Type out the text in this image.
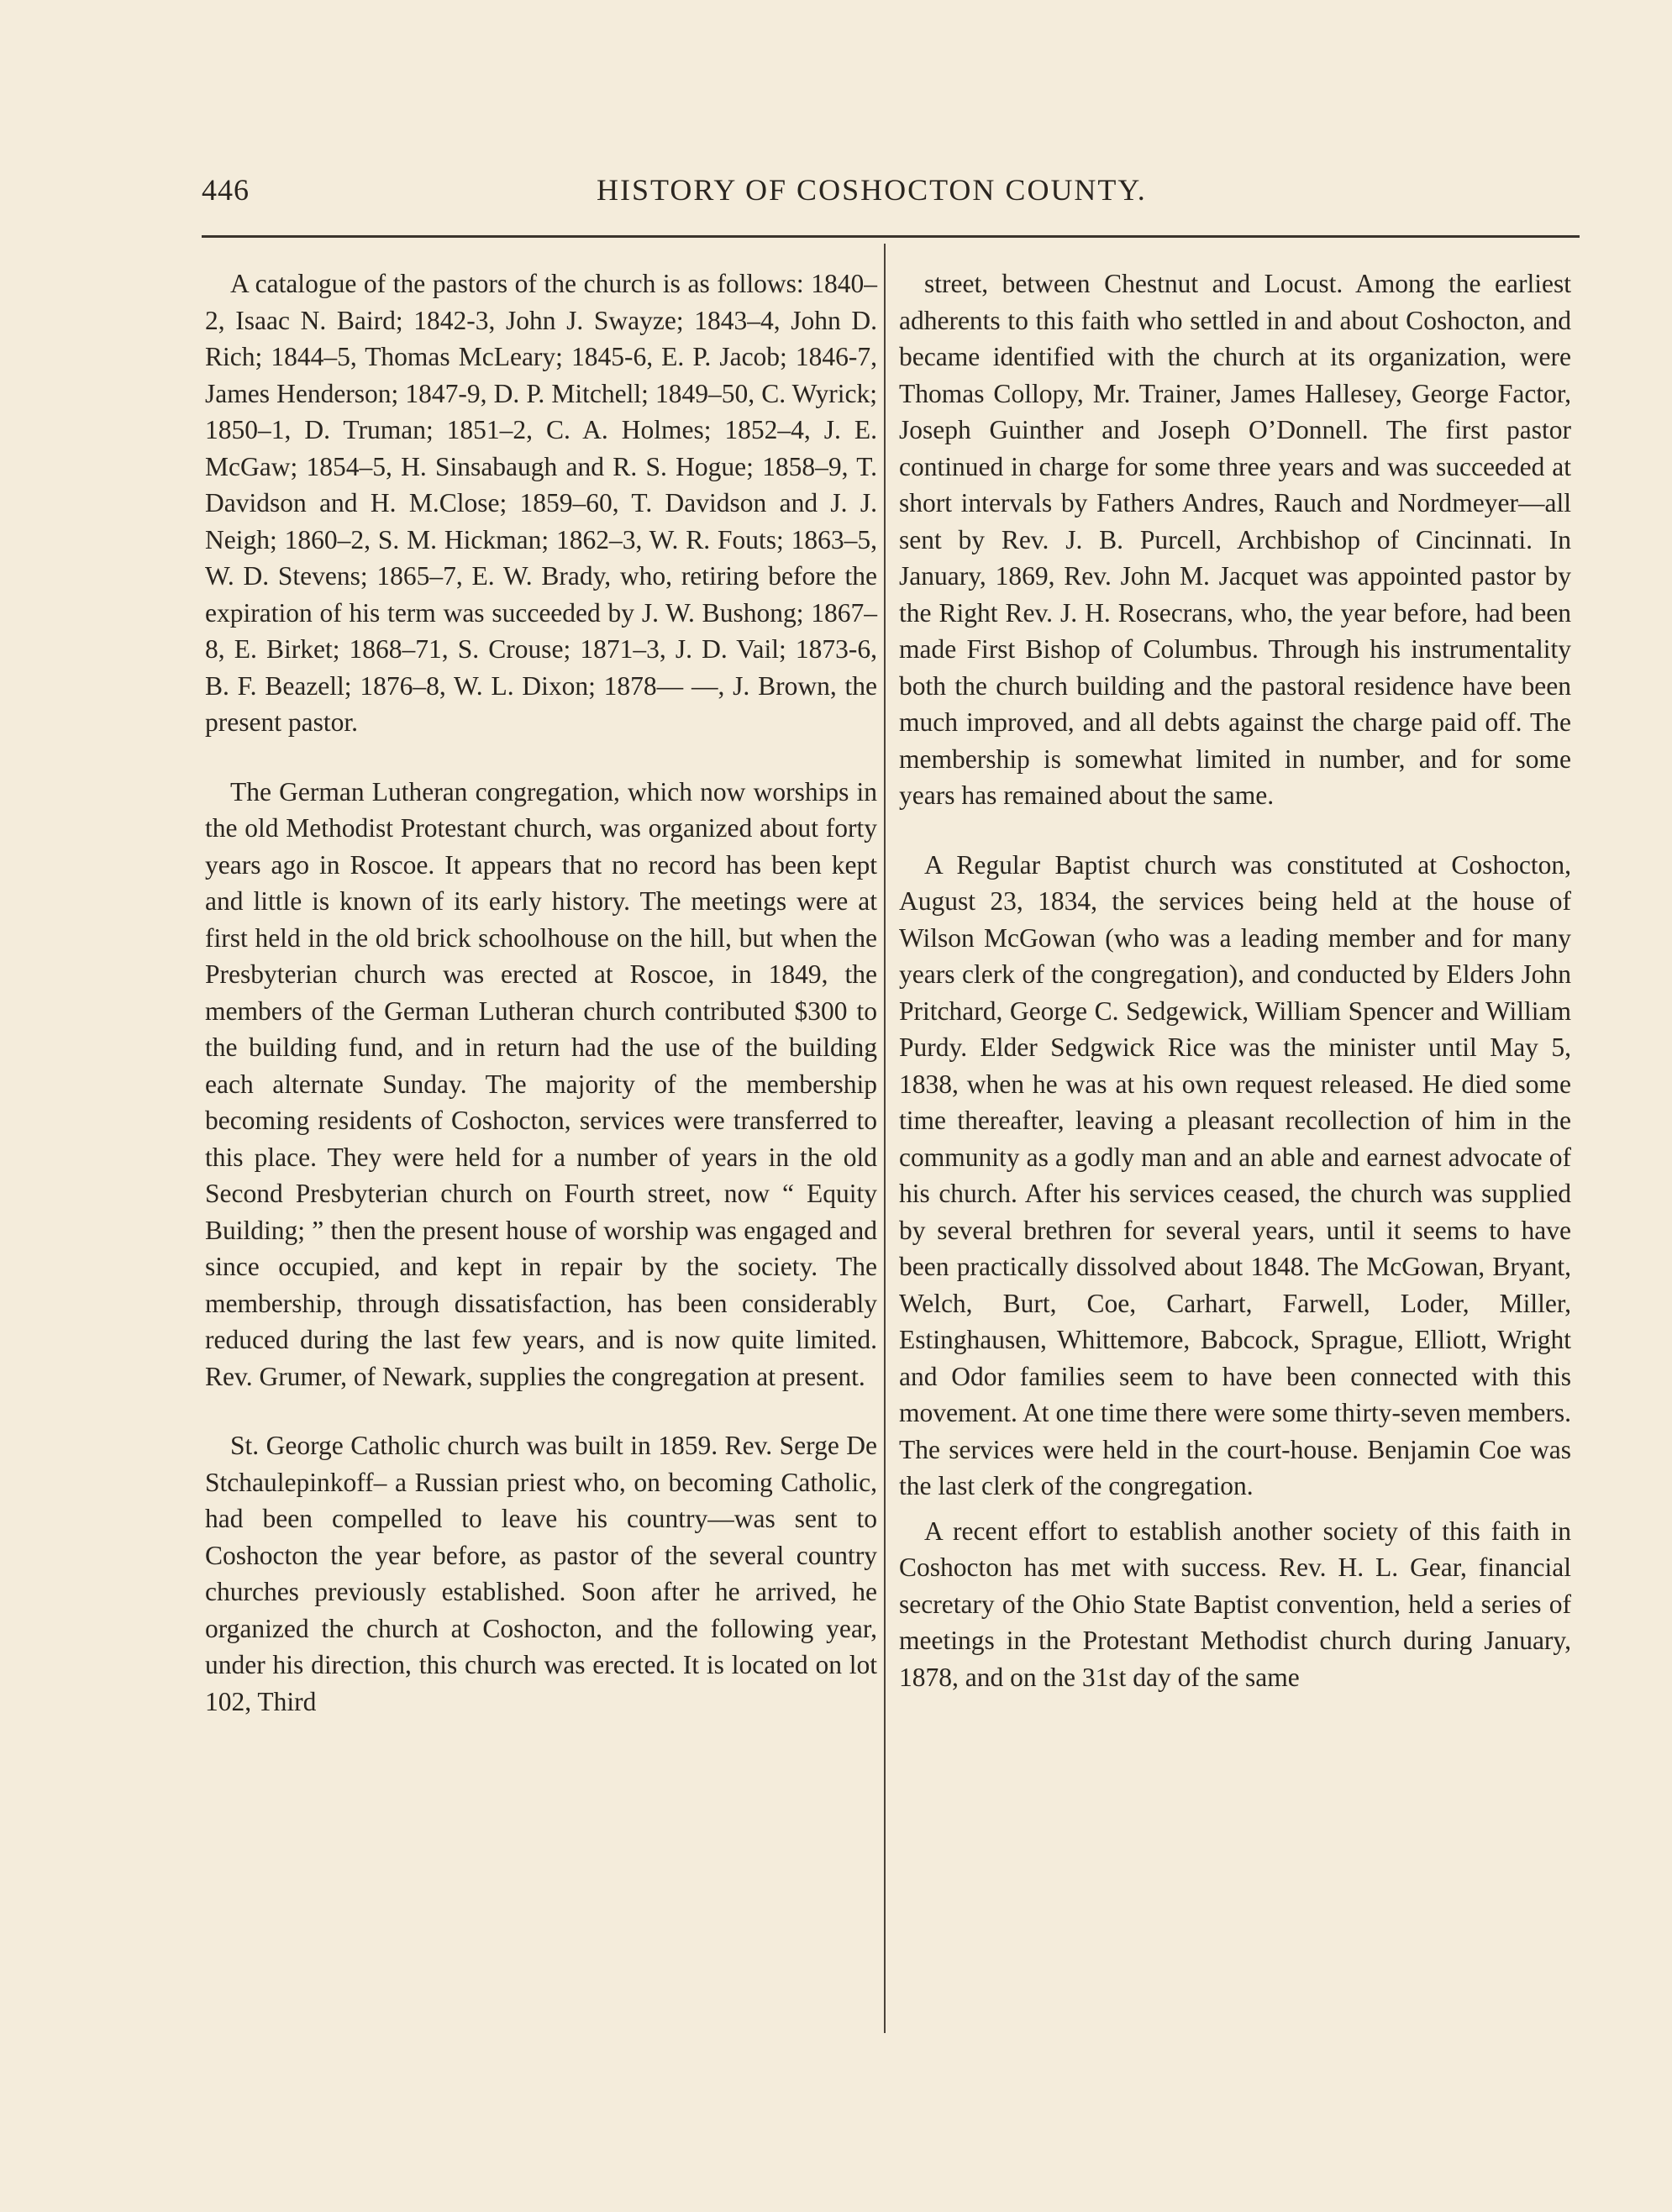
446	HISTORY OF COSHOCTON COUNTY.

A catalogue of the pastors of the church is as follows: 1840–2, Isaac N. Baird; 1842-3, John J. Swayze; 1843–4, John D. Rich; 1844–5, Thomas McLeary; 1845-6, E. P. Jacob; 1846-7, James Henderson; 1847-9, D. P. Mitchell; 1849–50, C. Wyrick; 1850–1, D. Truman; 1851–2, C. A. Holmes; 1852–4, J. E. McGaw; 1854–5, H. Sinsabaugh and R. S. Hogue; 1858–9, T. Davidson and H. M.Close; 1859–60, T. Davidson and J. J. Neigh; 1860–2, S. M. Hickman; 1862–3, W. R. Fouts; 1863–5, W. D. Stevens; 1865–7, E. W. Brady, who, retiring before the expiration of his term was succeeded by J. W. Bushong; 1867–8, E. Birket; 1868–71, S. Crouse; 1871–3, J. D. Vail; 1873-6, B. F. Beazell; 1876–8, W. L. Dixon; 1878— —, J. Brown, the present pastor.

The German Lutheran congregation, which now worships in the old Methodist Protestant church, was organized about forty years ago in Roscoe. It appears that no record has been kept and little is known of its early history. The meetings were at first held in the old brick schoolhouse on the hill, but when the Presbyterian church was erected at Roscoe, in 1849, the members of the German Lutheran church contributed $300 to the building fund, and in return had the use of the building each alternate Sunday. The majority of the membership becoming residents of Coshocton, services were transferred to this place. They were held for a number of years in the old Second Presbyterian church on Fourth street, now “ Equity Building; ” then the present house of worship was engaged and since occupied, and kept in repair by the society. The membership, through dissatisfaction, has been considerably reduced during the last few years, and is now quite limited. Rev. Grumer, of Newark, supplies the congregation at present.

St. George Catholic church was built in 1859. Rev. Serge De Stchaulepinkoff– a Russian priest who, on becoming Catholic, had been compelled to leave his country—was sent to Coshocton the year before, as pastor of the several country churches previously established. Soon after he arrived, he organized the church at Coshocton, and the following year, under his direction, this church was erected. It is located on lot 102, Third

street, between Chestnut and Locust. Among the earliest adherents to this faith who settled in and about Coshocton, and became identified with the church at its organization, were Thomas Collopy, Mr. Trainer, James Hallesey, George Factor, Joseph Guinther and Joseph O’Donnell. The first pastor continued in charge for some three years and was succeeded at short intervals by Fathers Andres, Rauch and Nordmeyer—all sent by Rev. J. B. Purcell, Archbishop of Cincinnati. In January, 1869, Rev. John M. Jacquet was appointed pastor by the Right Rev. J. H. Rosecrans, who, the year before, had been made First Bishop of Columbus. Through his instrumentality both the church building and the pastoral residence have been much improved, and all debts against the charge paid off. The membership is somewhat limited in number, and for some years has remained about the same.

A Regular Baptist church was constituted at Coshocton, August 23, 1834, the services being held at the house of Wilson McGowan (who was a leading member and for many years clerk of the congregation), and conducted by Elders John Pritchard, George C. Sedgewick, William Spencer and William Purdy. Elder Sedgwick Rice was the minister until May 5, 1838, when he was at his own request released. He died some time thereafter, leaving a pleasant recollection of him in the community as a godly man and an able and earnest advocate of his church. After his services ceased, the church was supplied by several brethren for several years, until it seems to have been practically dissolved about 1848. The McGowan, Bryant, Welch, Burt, Coe, Carhart, Farwell, Loder, Miller, Estinghausen, Whittemore, Babcock, Sprague, Elliott, Wright and Odor families seem to have been connected with this movement. At one time there were some thirty-seven members. The services were held in the court-house. Benjamin Coe was the last clerk of the congregation.

A recent effort to establish another society of this faith in Coshocton has met with success. Rev. H. L. Gear, financial secretary of the Ohio State Baptist convention, held a series of meetings in the Protestant Methodist church during January, 1878, and on the 31st day of the same
